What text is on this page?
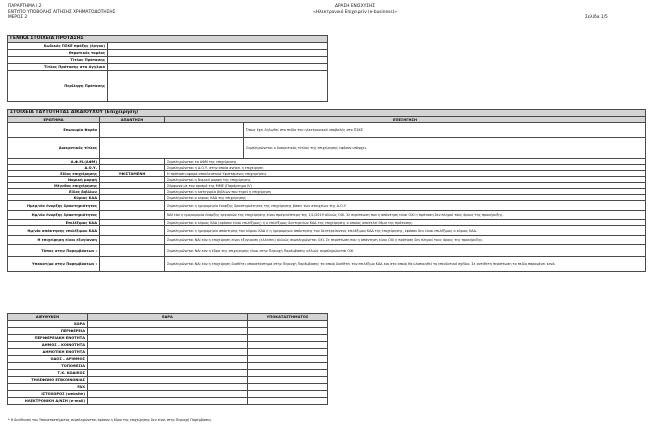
ΠΑΡΑΡΤΗΜΑ Ι.2
ΕΝΤΥΠΟ ΥΠΟΒΟΛΗΣ ΑΙΤΗΣΗΣ ΧΡΗΜΑΤΟΔΟΤΗΣΗΣ
ΜΕΡΟΣ 2
ΔΡΑΣΗ ΕΝΙΣΧΥΣΗΣ
«Ηλεκτρονικό Επιχειρείν (e-business)»
Σελίδα 1/5
ΓΕΝΙΚΑ ΣΤΟΙΧΕΙΑ ΠΡΟΤΑΣΗΣ	
Κωδικός ΠΣΚΕ πρόξης (έργου)	
Θεματικός τομέας	
Τίτλος Πρότασης	
Τίτλος Πρότασης στα Αγγλικά	
Περίληψη Πρότασης	
ΣΤΟΙΧΕΙΑ ΤΑΥΤΟΤΗΤΑΣ ΔΙΚΑΙΟΥΧΟΥ (Επιχείρηση)			
ΕΡΩΤΗΜΑ	ΑΠΑΝΤΗΣΗ	ΕΠΕΞΗΓΗΣΗ	
Επωνυμία Φορέα			Όπως έχει δηλωθεί στο πεδίο του ηλεκτρονικού υποβολής στο ΠΣΚΕ
Διακριτικός τίτλος			Συμπληρώνεται ο διακριτικός τίτλος της επιχείρησης εφόσον υπάρχει.
Α.Φ.Μ.(ΑΦΜ)		Συμπληρώνεται το ΑΦΜ της επιχείρησης	
Δ.Ο.Υ.		Συμπληρώνεται η Δ.Ο.Υ. στην οποία ανήκει η επιχείρηση	
Είδος επιχείρησης	ΥΦΙΣΤΑΜΕΝΗ	Η πρόταση αφορά αποκλειστικά Υφιστάμενες επιχειρήσεις	
Νομική μορφή		Συμπληρώνεται η Νομική μορφή της επιχείρησης	
Μέγεθος επιχείρησης		Σύμφωνα με τον ορισμό της ΜΜΕ (Παράρτημα IV)	
Είδος βιβλίων		Συμπληρώνεται η κατηγορία βιβλίων που τηρεί η επιχείρηση	
Κύριος ΚΑΔ		Συμπληρώνεται ο κύριος ΚΑΔ της επιχείρησης	
Ημερ/νία έναρξης δραστηριότητας		Συμπληρώνεται η ημερομηνία έναρξης δραστηριότητας της επιχείρησης βάσει των στοιχείων της Δ.Ο.Υ.	
Ημ/νία έναρξης δραστηριότητας		ΝΑΙ εάν η ημερομηνία έναρξης εργασιών της επιχείρησης είναι προγενέστερη της 1/1/2019 αλλιώς ΟΧΙ. Σε περίπτωση που η απάντηση είναι ΟΧΙ η πρόταση δεν πληροί τους όρους της προκήρυξης.	
Επιλέξιμος ΚΑΔ		Συμπληρώνεται ο κύριος ΚΑΔ (εφόσον είναι επιλέξιμος) ή ο επιλέξιμος δευτερεύων ΚΑΔ της επιχείρησης ο οποίος αποτελεί θέμα της πρότασης.	
Ημ/νία απόκτησης επιλέξιμου ΚΑΔ		Συμπληρώνεται η ημερομηνία απόκτησης του κύριου ΚΑΔ ή η ημερομηνία απόκτησης του δευτερεύοντος επιλέξιμου ΚΑΔ της επιχείρησης, εφόσον δεν είναι επιλέξιμος ο κύριος ΚΑΔ.	
Η επιχείρηση είναι εξυγίανση		Συμπληρώνεται ΝΑΙ εάν η επιχείρηση είναι εξυγίανση (ελλείπει) αλλιώς συμπληρώνεται ΟΧΙ. Σε περίπτωση που η απάντηση είναι ΟΧΙ η πρόταση δεν πληροί τους όρους της προκήρυξης.	
Τόπος στην Παρεμβάσεων :		Συμπληρώνεται ΝΑΙ εάν η έδρα της επιχείρησης είναι στην Περιοχή Παρέμβασης αλλιώς συμπληρώνεται ΟΧΙ	
Υποκατ/μα στην Παρεμβάσεων :		Συμπληρώνεται ΝΑΙ εάν η επιχείρηση διαθέτει υποκατάστημα στην Περιοχή Παρέμβασης το οποίο διαθέτει τον επιλέξιμο ΚΑΔ και στο οποίο θα υλοποιηθεί το επενδυτικό σχέδιο. Σε αντίθετη περίπτωση το πεδίο παραμένει κενό.	
ΔΙΕΥΘΥΝΣΗ	ΕΔΡΑ	ΥΠΟΚΑΤΑΣΤΗΜΑΤΟΣ
ΧΩΡΑ		
ΠΕΡΙΦΕΡΕΙΑ		
ΠΕΡΙΦΕΡΕΙΑΚΗ ΕΝΟΤΗΤΑ		
ΔΗΜΟΣ – ΚΟΙΝΟΤΗΤΑ		
ΔΗΜΟΤΙΚΗ ΕΝΟΤΗΤΑ		
ΟΔΟΣ – ΑΡΙΘΜΟΣ		
ΤΟΠΟΘΕΣΙΑ		
Τ.Κ. ΚΩΔΙΚΟΣ		
ΤΗΛΕΦΩΝΟ ΕΠΙΚΟΙΝΩΝΙΑΣ		
FAX		
ΙΣΤΟΧΩΡΟΣ (website)		
ΗΛΕΚΤΡΟΝΙΚΗ Δ/ΝΣΗ (e-mail)		
* Η διεύθυνση του Υποκαταστήματος συμπληρώνεται εφόσον η έδρα της επιχείρησης δεν είναι στην Περιοχή Παρέμβασης.
